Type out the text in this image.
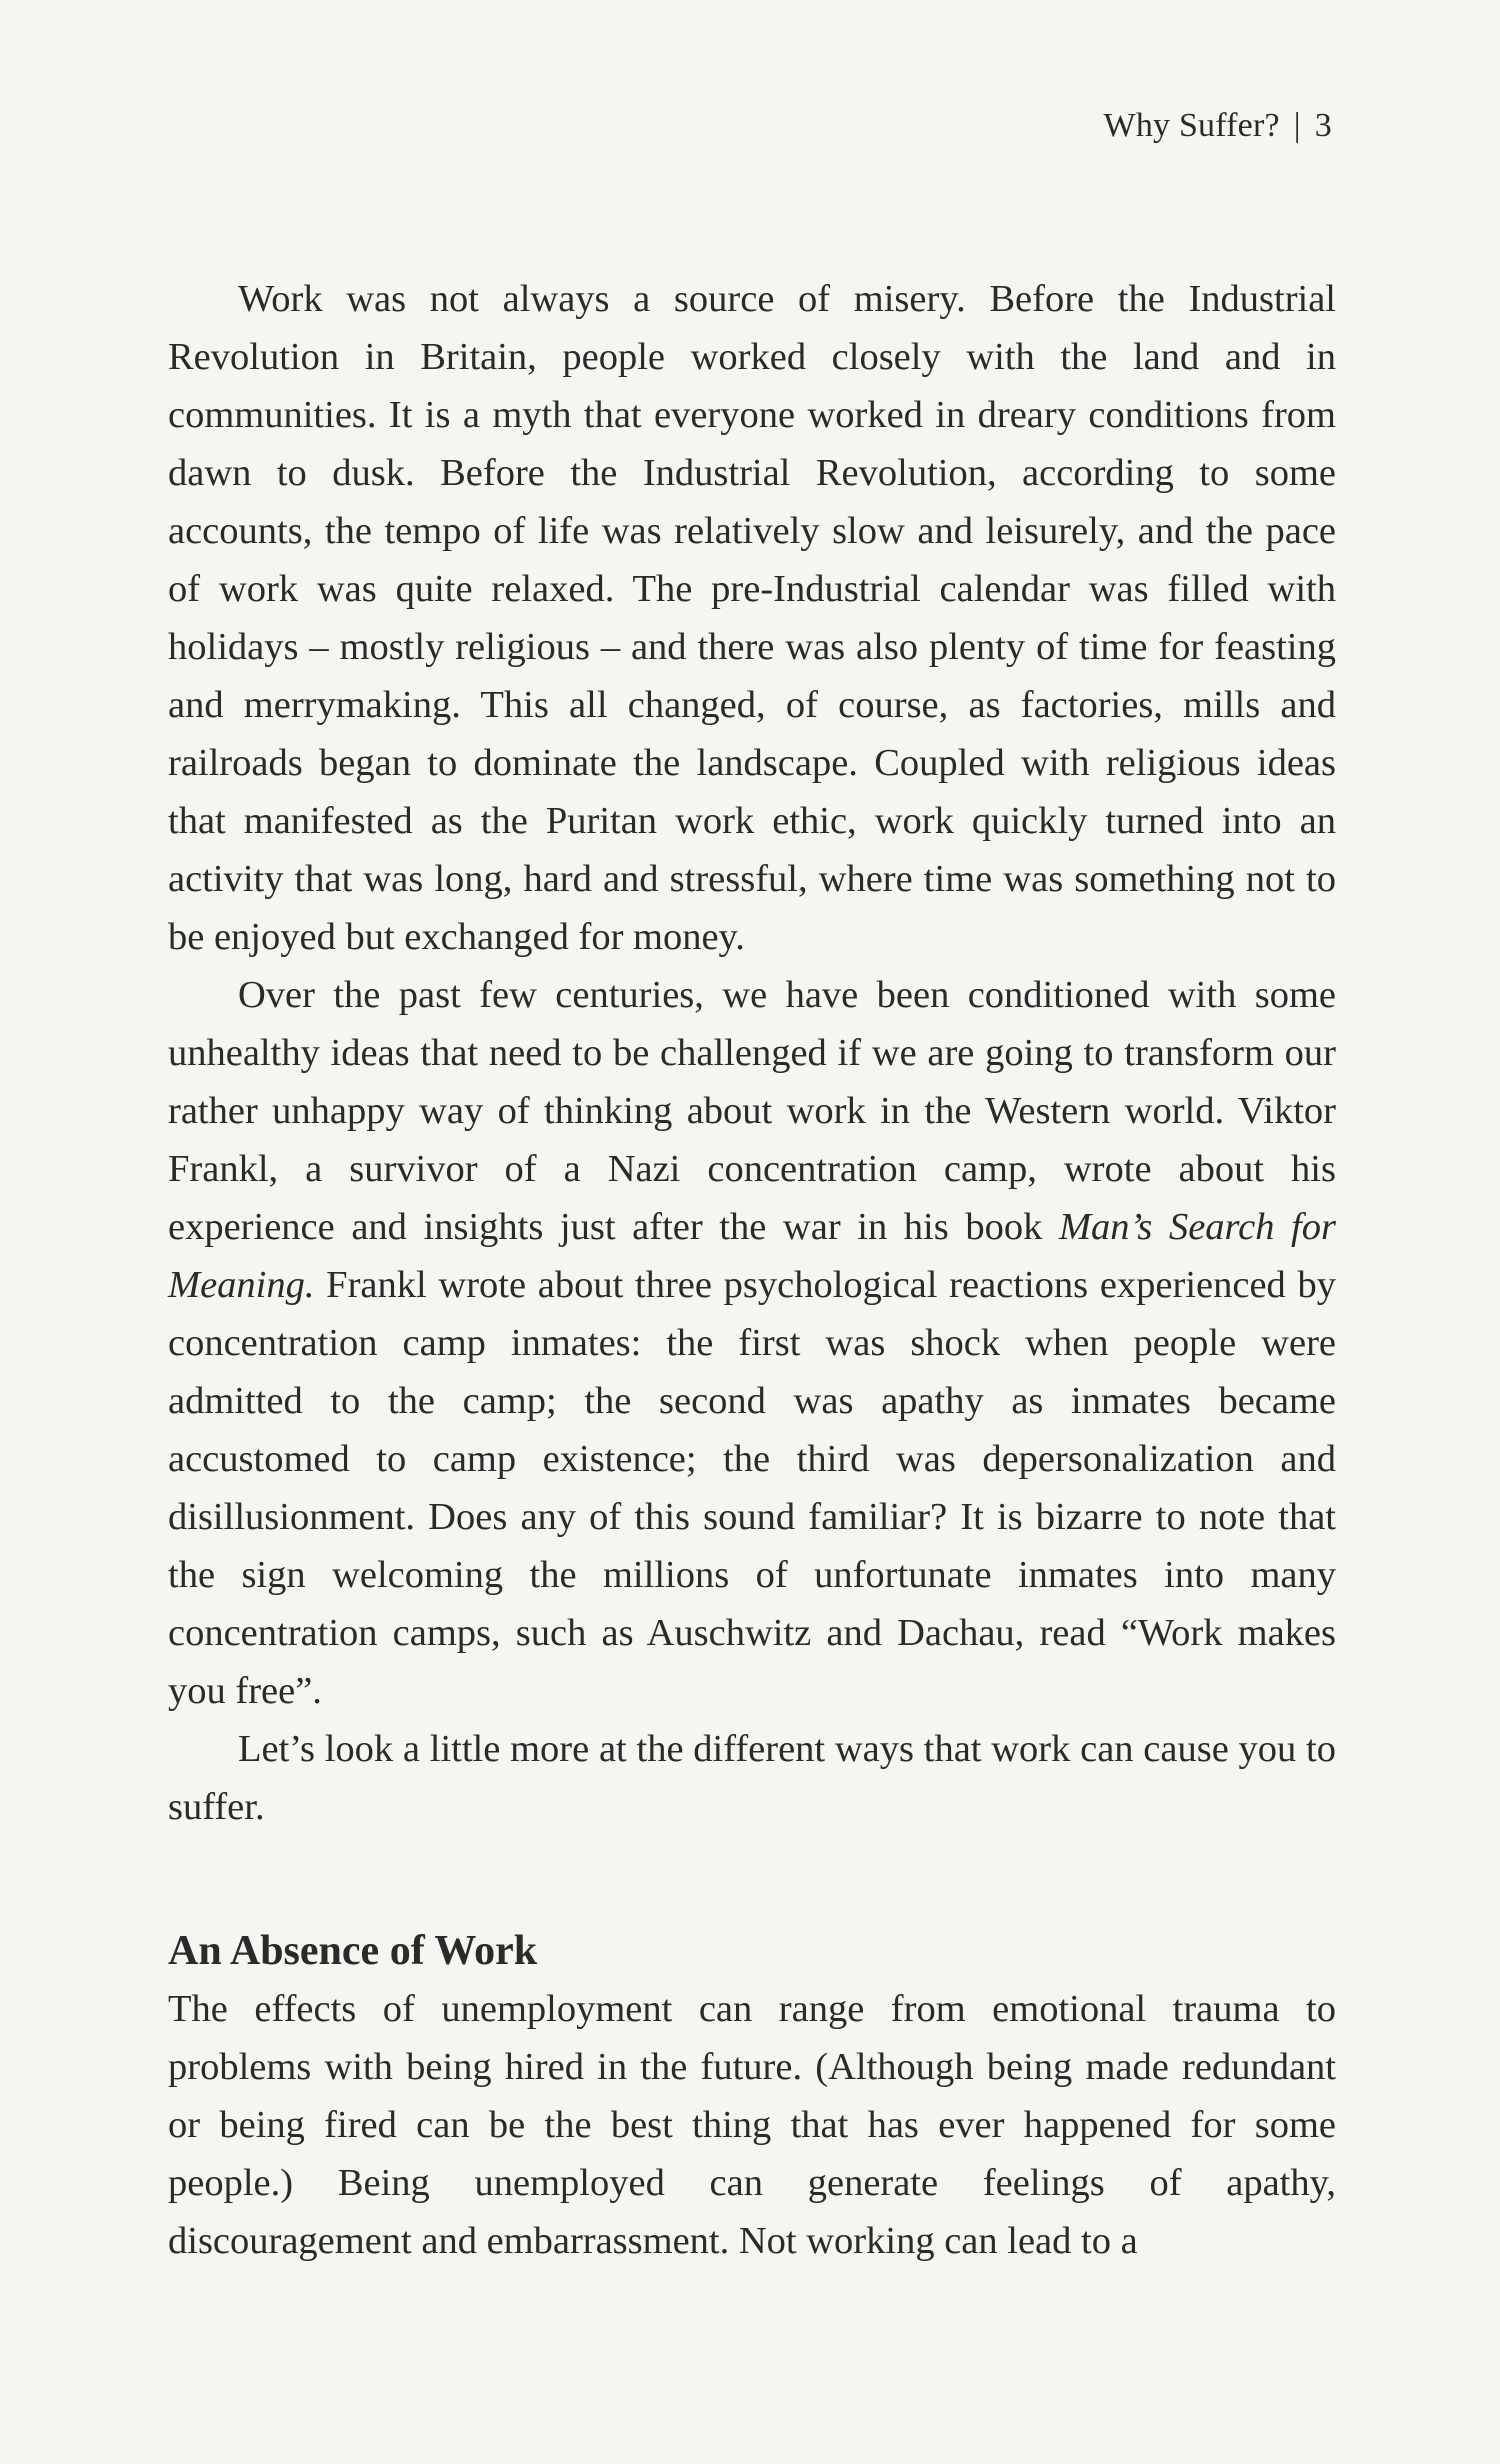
Why Suffer? | 3

Work was not always a source of misery. Before the Industrial Revolution in Britain, people worked closely with the land and in communities. It is a myth that everyone worked in dreary conditions from dawn to dusk. Before the Industrial Revolution, according to some accounts, the tempo of life was relatively slow and leisurely, and the pace of work was quite relaxed. The pre-Industrial calendar was filled with holidays – mostly religious – and there was also plenty of time for feasting and merrymaking. This all changed, of course, as factories, mills and railroads began to dominate the landscape. Coupled with religious ideas that manifested as the Puritan work ethic, work quickly turned into an activity that was long, hard and stressful, where time was something not to be enjoyed but exchanged for money.

Over the past few centuries, we have been conditioned with some unhealthy ideas that need to be challenged if we are going to transform our rather unhappy way of thinking about work in the Western world. Viktor Frankl, a survivor of a Nazi concentration camp, wrote about his experience and insights just after the war in his book Man’s Search for Meaning. Frankl wrote about three psychological reactions experienced by concentration camp inmates: the first was shock when people were admitted to the camp; the second was apathy as inmates became accustomed to camp existence; the third was depersonalization and disillusionment. Does any of this sound familiar? It is bizarre to note that the sign welcoming the millions of unfortunate inmates into many concentration camps, such as Auschwitz and Dachau, read “Work makes you free”.

Let’s look a little more at the different ways that work can cause you to suffer.

An Absence of Work

The effects of unemployment can range from emotional trauma to problems with being hired in the future. (Although being made redundant or being fired can be the best thing that has ever happened for some people.) Being unemployed can generate feelings of apathy, discouragement and embarrassment. Not working can lead to a
